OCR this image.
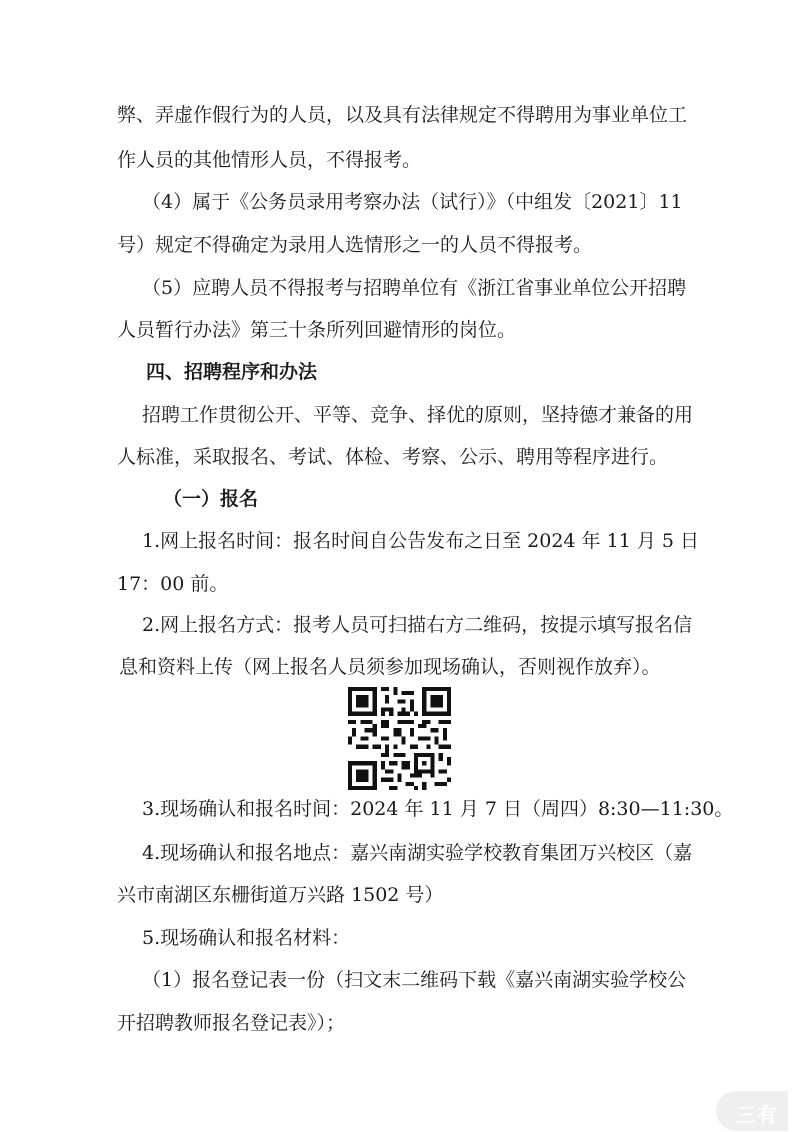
弊、弄虚作假行为的人员，以及具有法律规定不得聘用为事业单位工
作人员的其他情形人员，不得报考。
（4）属于《公务员录用考察办法（试行）》（中组发〔2021〕11
号）规定不得确定为录用人选情形之一的人员不得报考。
（5）应聘人员不得报考与招聘单位有《浙江省事业单位公开招聘
人员暂行办法》第三十条所列回避情形的岗位。
四、招聘程序和办法
招聘工作贯彻公开、平等、竞争、择优的原则，坚持德才兼备的用
人标准，采取报名、考试、体检、考察、公示、聘用等程序进行。
（一）报名
1.网上报名时间：报名时间自公告发布之日至 2024 年 11 月 5 日
17：00 前。
2.网上报名方式：报考人员可扫描右方二维码，按提示填写报名信
息和资料上传（网上报名人员须参加现场确认，否则视作放弃）。
3.现场确认和报名时间：2024 年 11 月 7 日（周四）8:30—11:30。
4.现场确认和报名地点：嘉兴南湖实验学校教育集团万兴校区（嘉
兴市南湖区东栅街道万兴路 1502 号）
5.现场确认和报名材料：
（1）报名登记表一份（扫文末二维码下载《嘉兴南湖实验学校公
开招聘教师报名登记表》）；
三有
